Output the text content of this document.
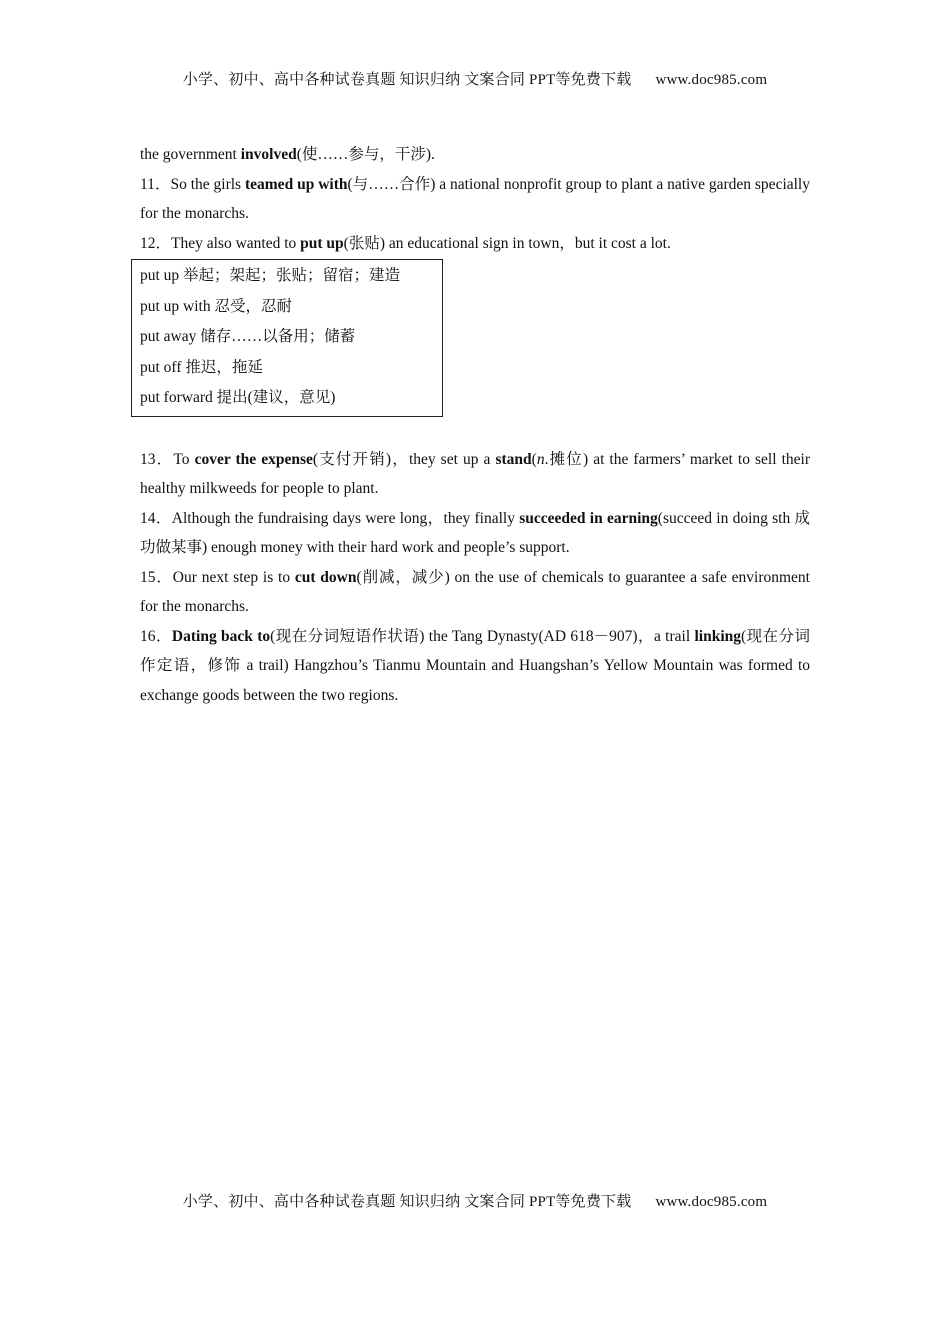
小学、初中、高中各种试卷真题 知识归纳 文案合同 PPT等免费下载 www.doc985.com

the government involved(使……参与，干涉).

11．So the girls teamed up with(与……合作) a national nonprofit group to plant a native garden specially for the monarchs.

12．They also wanted to put up(张贴) an educational sign in town，but it cost a lot.

put up 举起；架起；张贴；留宿；建造

put up with 忍受，忍耐

put away 储存……以备用；储蓄

put off 推迟，拖延

put forward 提出(建议，意见)

13．To cover the expense(支付开销)，they set up a stand(n.摊位) at the farmers’ market to sell their healthy milkweeds for people to plant.

14．Although the fundraising days were long，they finally succeeded in earning(succeed in doing sth 成功做某事) enough money with their hard work and people’s support.

15．Our next step is to cut down(削减，减少) on the use of chemicals to guarantee a safe environment for the monarchs.

16．Dating back to(现在分词短语作状语) the Tang Dynasty(AD 618－907)，a trail linking(现在分词作定语，修饰 a trail) Hangzhou’s Tianmu Mountain and Huangshan’s Yellow Mountain was formed to exchange goods between the two regions.

小学、初中、高中各种试卷真题 知识归纳 文案合同 PPT等免费下载 www.doc985.com
